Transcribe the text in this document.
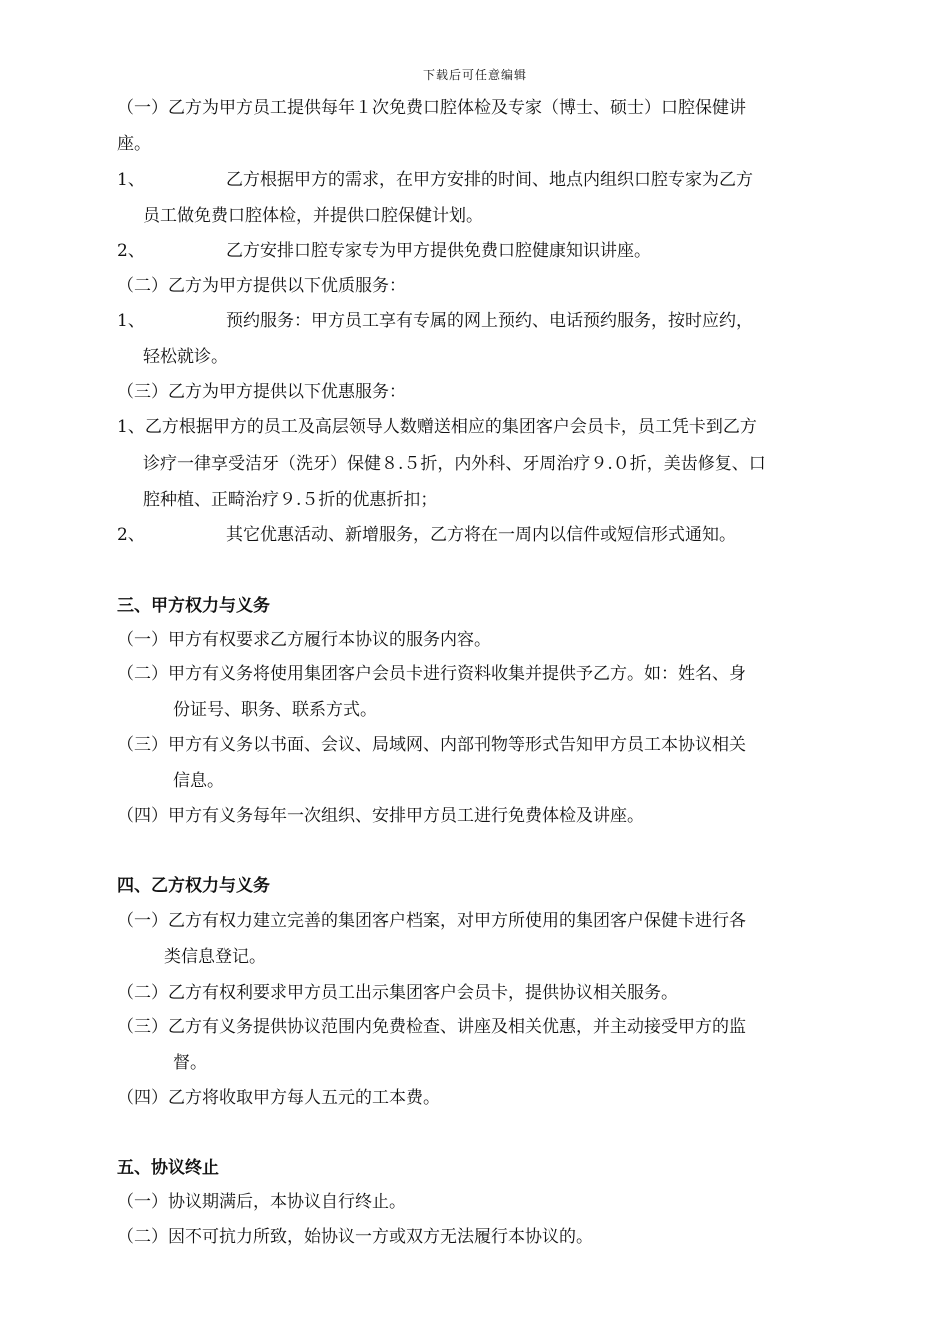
下载后可任意编辑
（一）乙方为甲方员工提供每年１次免费口腔体检及专家（博士、硕士）口腔保健讲
座。
1、	乙方根据甲方的需求，在甲方安排的时间、地点内组织口腔专家为乙方
员工做免费口腔体检，并提供口腔保健计划。
2、	乙方安排口腔专家专为甲方提供免费口腔健康知识讲座。
（二）乙方为甲方提供以下优质服务：
1、	预约服务：甲方员工享有专属的网上预约、电话预约服务，按时应约，
轻松就诊。
（三）乙方为甲方提供以下优惠服务：
1、乙方根据甲方的员工及高层领导人数赠送相应的集团客户会员卡，员工凭卡到乙方
诊疗一律享受洁牙（洗牙）保健８.５折，内外科、牙周治疗９.０折，美齿修复、口
腔种植、正畸治疗９.５折的优惠折扣；
2、	其它优惠活动、新增服务，乙方将在一周内以信件或短信形式通知。
三、甲方权力与义务
（一）甲方有权要求乙方履行本协议的服务内容。
（二）甲方有义务将使用集团客户会员卡进行资料收集并提供予乙方。如：姓名、身
份证号、职务、联系方式。
（三）甲方有义务以书面、会议、局域网、内部刊物等形式告知甲方员工本协议相关
信息。
（四）甲方有义务每年一次组织、安排甲方员工进行免费体检及讲座。
四、乙方权力与义务
（一）乙方有权力建立完善的集团客户档案，对甲方所使用的集团客户保健卡进行各
类信息登记。
（二）乙方有权利要求甲方员工出示集团客户会员卡，提供协议相关服务。
（三）乙方有义务提供协议范围内免费检查、讲座及相关优惠，并主动接受甲方的监
督。
（四）乙方将收取甲方每人五元的工本费。
五、协议终止
（一）协议期满后，本协议自行终止。
（二）因不可抗力所致，始协议一方或双方无法履行本协议的。
